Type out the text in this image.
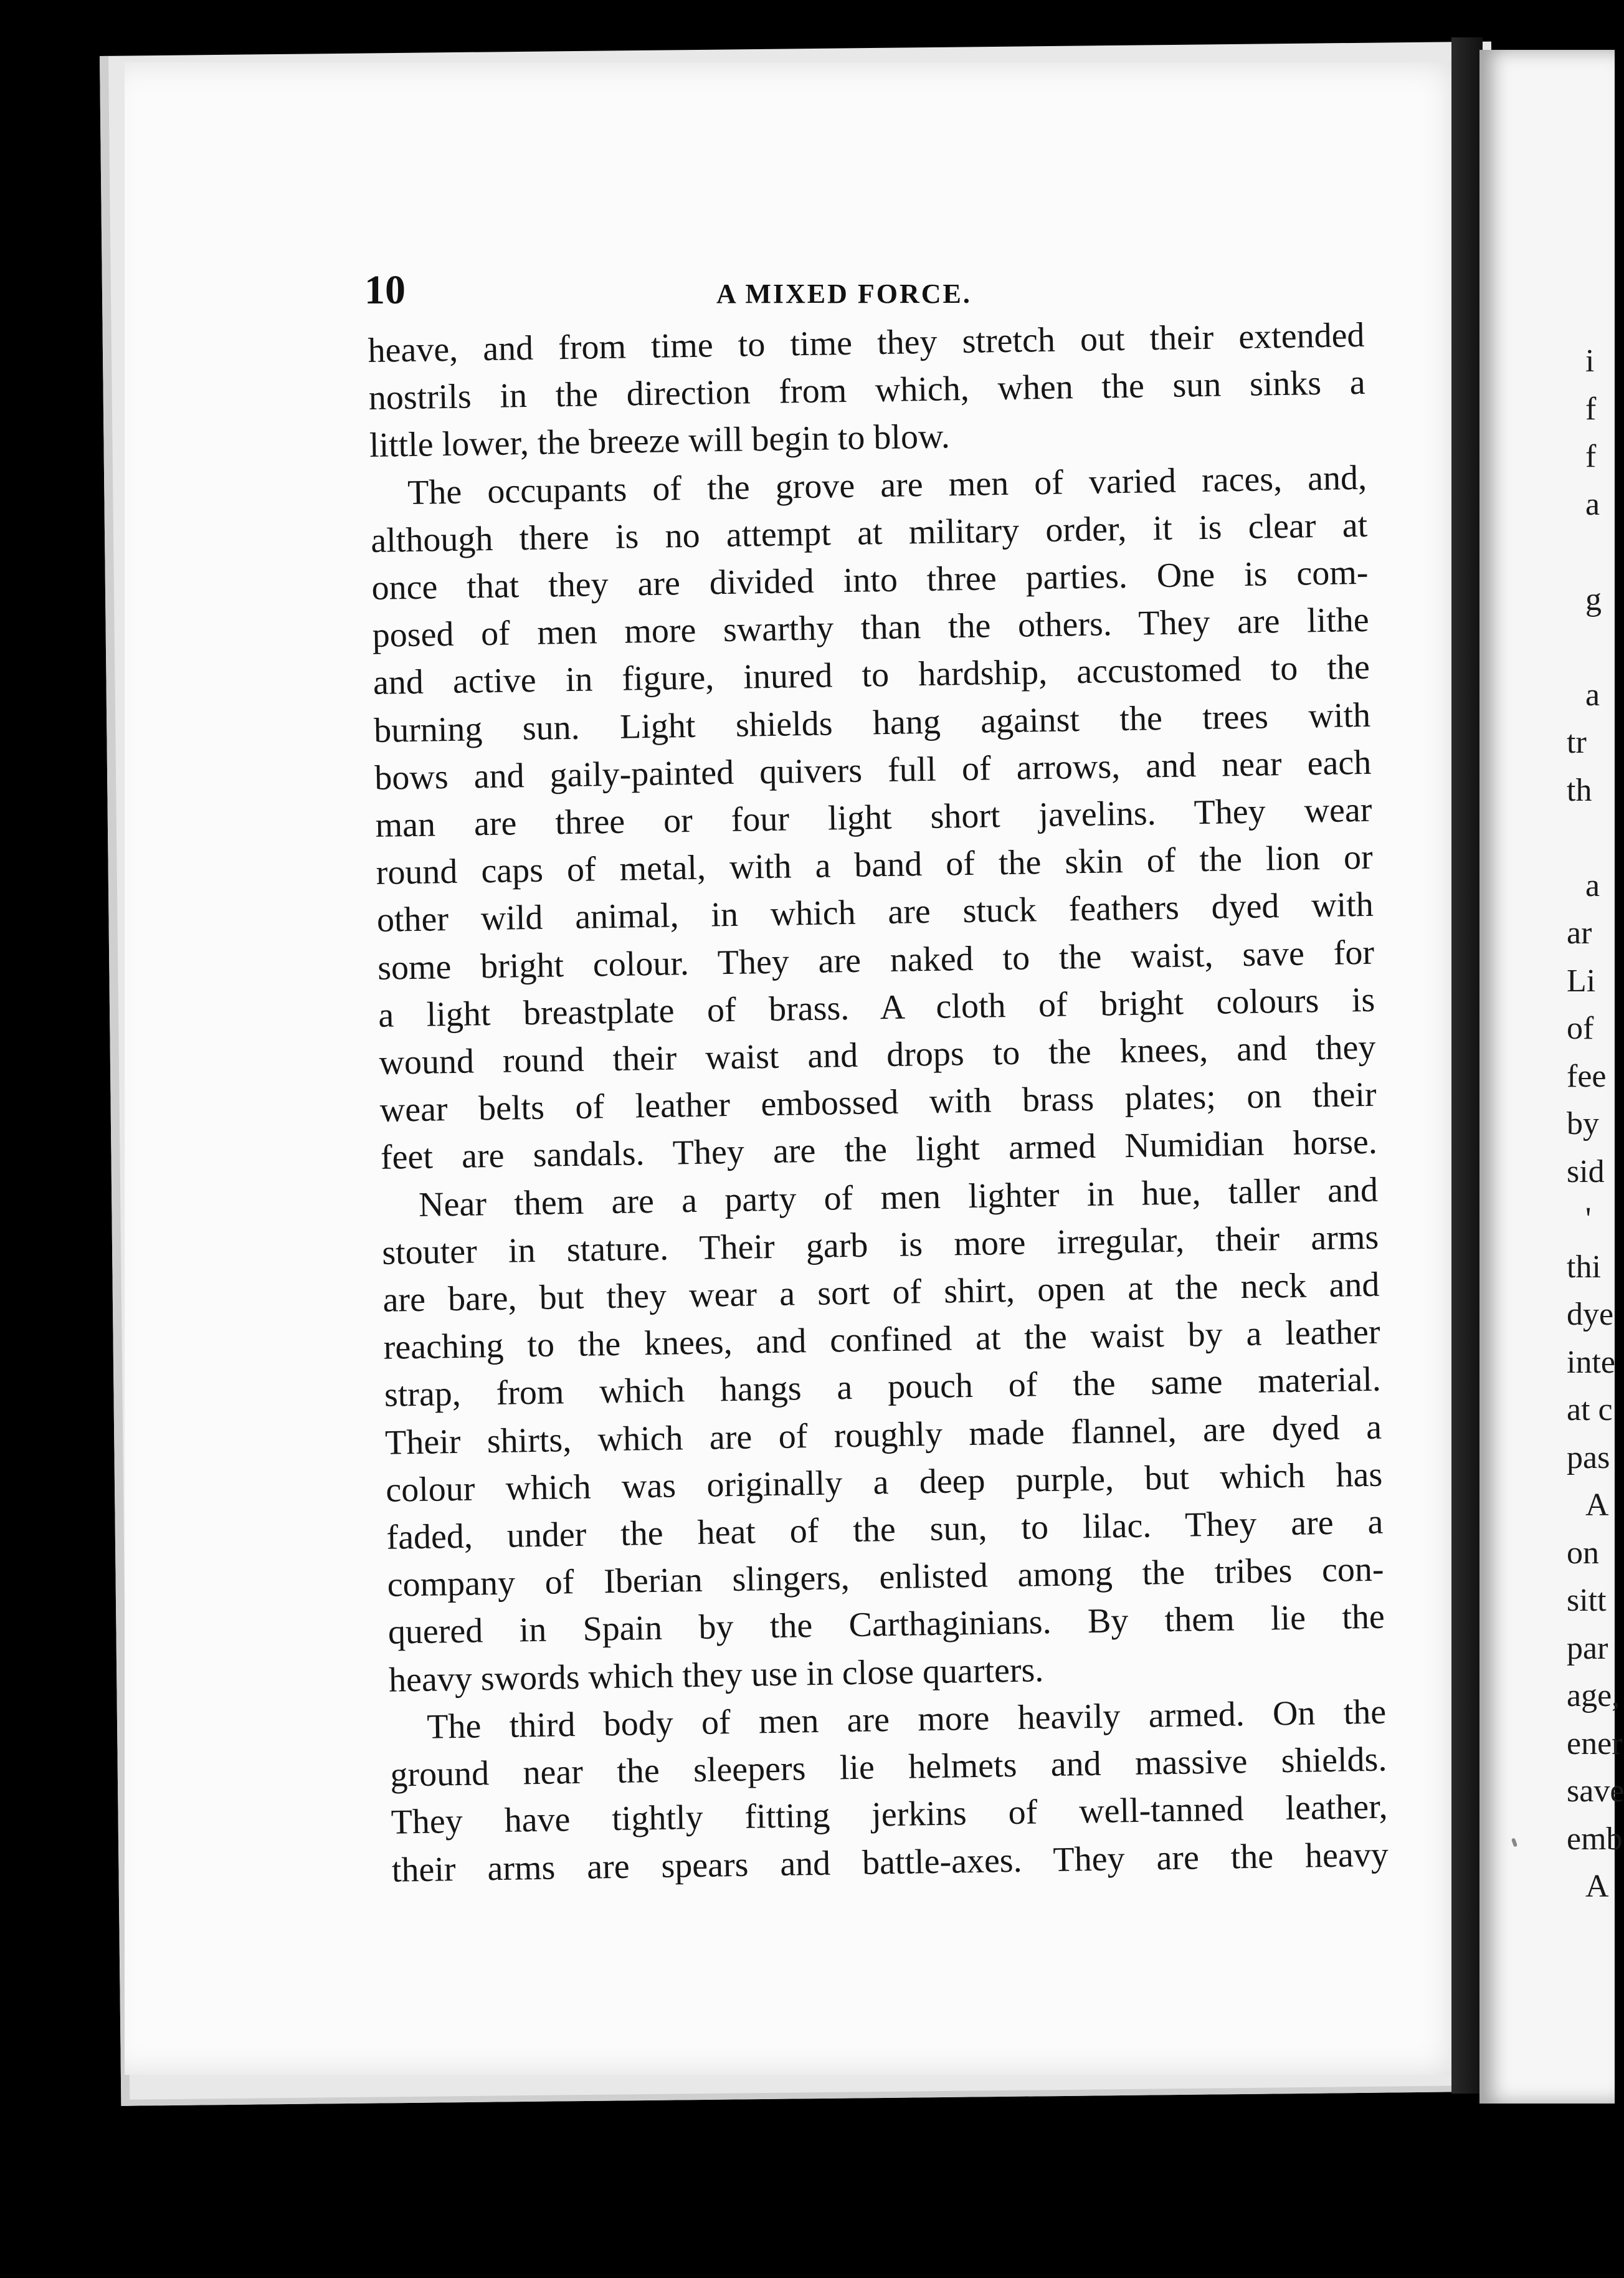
i
f
f
a
g
a
tr
th
a
ar
Li
of
fee
by
sid
'
thi
dye
inte
at c
pas
A
on
sitt
par
age,
ener
save
emb
A
10	A MIXED FORCE.
heave, and from time to time they stretch out their extended
nostrils in the direction from which, when the sun sinks a
little lower, the breeze will begin to blow.
The occupants of the grove are men of varied races, and,
although there is no attempt at military order, it is clear at
once that they are divided into three parties. One is com-
posed of men more swarthy than the others. They are lithe
and active in figure, inured to hardship, accustomed to the
burning sun. Light shields hang against the trees with
bows and gaily-painted quivers full of arrows, and near each
man are three or four light short javelins. They wear
round caps of metal, with a band of the skin of the lion or
other wild animal, in which are stuck feathers dyed with
some bright colour. They are naked to the waist, save for
a light breastplate of brass. A cloth of bright colours is
wound round their waist and drops to the knees, and they
wear belts of leather embossed with brass plates; on their
feet are sandals. They are the light armed Numidian horse.
Near them are a party of men lighter in hue, taller and
stouter in stature. Their garb is more irregular, their arms
are bare, but they wear a sort of shirt, open at the neck and
reaching to the knees, and confined at the waist by a leather
strap, from which hangs a pouch of the same material.
Their shirts, which are of roughly made flannel, are dyed a
colour which was originally a deep purple, but which has
faded, under the heat of the sun, to lilac. They are a
company of Iberian slingers, enlisted among the tribes con-
quered in Spain by the Carthaginians. By them lie the
heavy swords which they use in close quarters.
The third body of men are more heavily armed. On the
ground near the sleepers lie helmets and massive shields.
They have tightly fitting jerkins of well-tanned leather,
their arms are spears and battle-axes. They are the heavy
